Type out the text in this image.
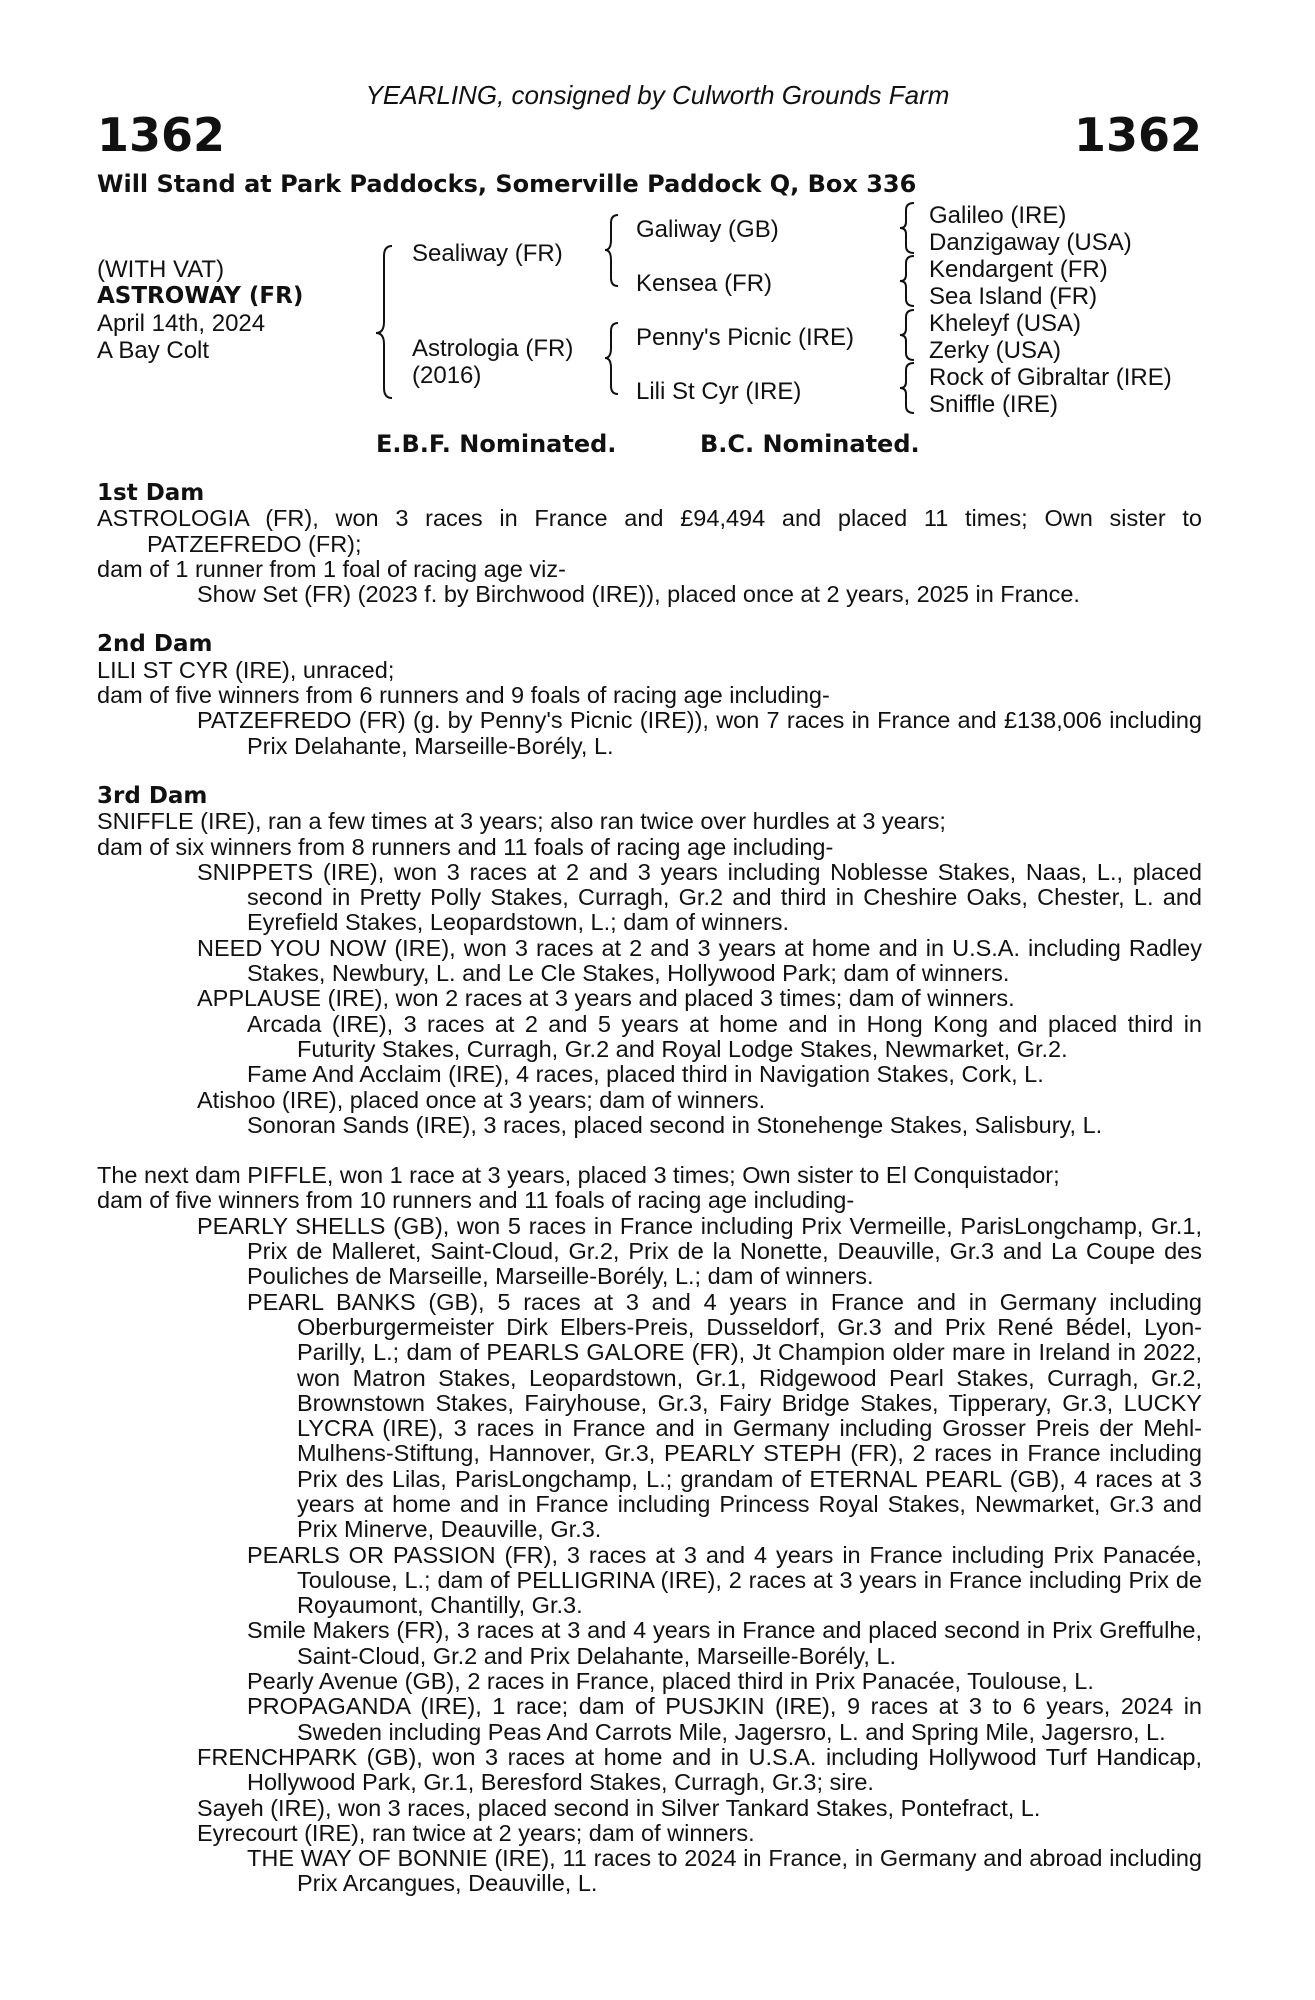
YEARLING, consigned by Culworth Grounds Farm
1362	1362
Will Stand at Park Paddocks, Somerville Paddock Q, Box 336
(WITH VAT)
ASTROWAY (FR)
April 14th, 2024
A Bay Colt
Sealiway (FR)
Astrologia (FR)
(2016)
Galiway (GB)
Kensea (FR)
Penny's Picnic (IRE)
Lili St Cyr (IRE)
Galileo (IRE)
Danzigaway (USA)
Kendargent (FR)
Sea Island (FR)
Kheleyf (USA)
Zerky (USA)
Rock of Gibraltar (IRE)
Sniffle (IRE)
E.B.F. Nominated.	B.C. Nominated.

1st Dam

ASTROLOGIA (FR), won 3 races in France and £94,494 and placed 11 times; Own sister to PATZEFREDO (FR);

dam of 1 runner from 1 foal of racing age viz-

Show Set (FR) (2023 f. by Birchwood (IRE)), placed once at 2 years, 2025 in France.

2nd Dam

LILI ST CYR (IRE), unraced;

dam of five winners from 6 runners and 9 foals of racing age including-

PATZEFREDO (FR) (g. by Penny's Picnic (IRE)), won 7 races in France and £138,006 including Prix Delahante, Marseille-Borély, L.

3rd Dam

SNIFFLE (IRE), ran a few times at 3 years; also ran twice over hurdles at 3 years;

dam of six winners from 8 runners and 11 foals of racing age including-

SNIPPETS (IRE), won 3 races at 2 and 3 years including Noblesse Stakes, Naas, L., placed second in Pretty Polly Stakes, Curragh, Gr.2 and third in Cheshire Oaks, Chester, L. and Eyrefield Stakes, Leopardstown, L.; dam of winners.

NEED YOU NOW (IRE), won 3 races at 2 and 3 years at home and in U.S.A. including Radley Stakes, Newbury, L. and Le Cle Stakes, Hollywood Park; dam of winners.

APPLAUSE (IRE), won 2 races at 3 years and placed 3 times; dam of winners.

Arcada (IRE), 3 races at 2 and 5 years at home and in Hong Kong and placed third in Futurity Stakes, Curragh, Gr.2 and Royal Lodge Stakes, Newmarket, Gr.2.

Fame And Acclaim (IRE), 4 races, placed third in Navigation Stakes, Cork, L.

Atishoo (IRE), placed once at 3 years; dam of winners.

Sonoran Sands (IRE), 3 races, placed second in Stonehenge Stakes, Salisbury, L.

The next dam PIFFLE, won 1 race at 3 years, placed 3 times; Own sister to El Conquistador;

dam of five winners from 10 runners and 11 foals of racing age including-

PEARLY SHELLS (GB), won 5 races in France including Prix Vermeille, ParisLongchamp, Gr.1, Prix de Malleret, Saint-Cloud, Gr.2, Prix de la Nonette, Deauville, Gr.3 and La Coupe des Pouliches de Marseille, Marseille-Borély, L.; dam of winners.

PEARL BANKS (GB), 5 races at 3 and 4 years in France and in Germany including Oberburgermeister Dirk Elbers-Preis, Dusseldorf, Gr.3 and Prix René Bédel, Lyon-Parilly, L.; dam of PEARLS GALORE (FR), Jt Champion older mare in Ireland in 2022, won Matron Stakes, Leopardstown, Gr.1, Ridgewood Pearl Stakes, Curragh, Gr.2, Brownstown Stakes, Fairyhouse, Gr.3, Fairy Bridge Stakes, Tipperary, Gr.3, LUCKY LYCRA (IRE), 3 races in France and in Germany including Grosser Preis der Mehl-Mulhens-Stiftung, Hannover, Gr.3, PEARLY STEPH (FR), 2 races in France including Prix des Lilas, ParisLongchamp, L.; grandam of ETERNAL PEARL (GB), 4 races at 3 years at home and in France including Princess Royal Stakes, Newmarket, Gr.3 and Prix Minerve, Deauville, Gr.3.

PEARLS OR PASSION (FR), 3 races at 3 and 4 years in France including Prix Panacée, Toulouse, L.; dam of PELLIGRINA (IRE), 2 races at 3 years in France including Prix de Royaumont, Chantilly, Gr.3.

Smile Makers (FR), 3 races at 3 and 4 years in France and placed second in Prix Greffulhe, Saint-Cloud, Gr.2 and Prix Delahante, Marseille-Borély, L.

Pearly Avenue (GB), 2 races in France, placed third in Prix Panacée, Toulouse, L.

PROPAGANDA (IRE), 1 race; dam of PUSJKIN (IRE), 9 races at 3 to 6 years, 2024 in Sweden including Peas And Carrots Mile, Jagersro, L. and Spring Mile, Jagersro, L.

FRENCHPARK (GB), won 3 races at home and in U.S.A. including Hollywood Turf Handicap, Hollywood Park, Gr.1, Beresford Stakes, Curragh, Gr.3; sire.

Sayeh (IRE), won 3 races, placed second in Silver Tankard Stakes, Pontefract, L.

Eyrecourt (IRE), ran twice at 2 years; dam of winners.

THE WAY OF BONNIE (IRE), 11 races to 2024 in France, in Germany and abroad including Prix Arcangues, Deauville, L.
